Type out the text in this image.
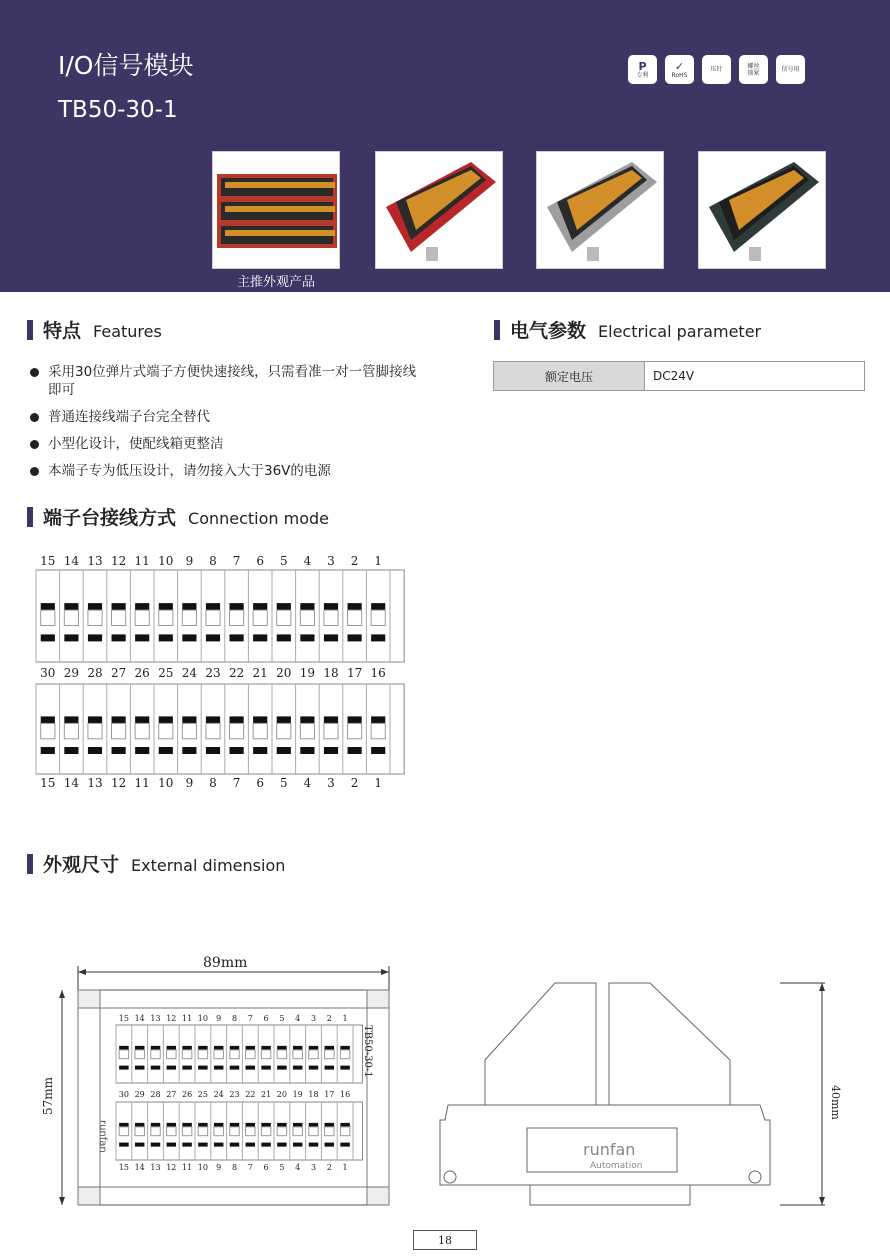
I/O信号模块
TB50-30-1
P
专利
✓
RoHS
压针	螺丝
锁紧	信号用
主推外观产品
特点 Features
采用30位弹片式端子方便快速接线，只需看准一对一管脚接线即可
普通连接线端子台完全替代
小型化设计，使配线箱更整洁
本端子专为低压设计，请勿接入大于36V的电源
电气参数 Electrical parameter
额定电压	DC24V
端子台接线方式 Connection mode
15 14 13 12 11 10 9 8 7 6 5 4 3 2 1
30 29 28 27 26 25 24 23 22 21 20 19 18 17 16
15 14 13 12 11 10 9 8 7 6 5 4 3 2 1
外观尺寸 External dimension
89mm
57mm
TB50-30-1
runfan	runfan
Automation
40mm
15 14 13 12 11 10 9 8 7 6 5 4 3 2 1
30 29 28 27 26 25 24 23 22 21 20 19 18 17 16
15 14 13 12 11 10 9 8 7 6 5 4 3 2 1
18
